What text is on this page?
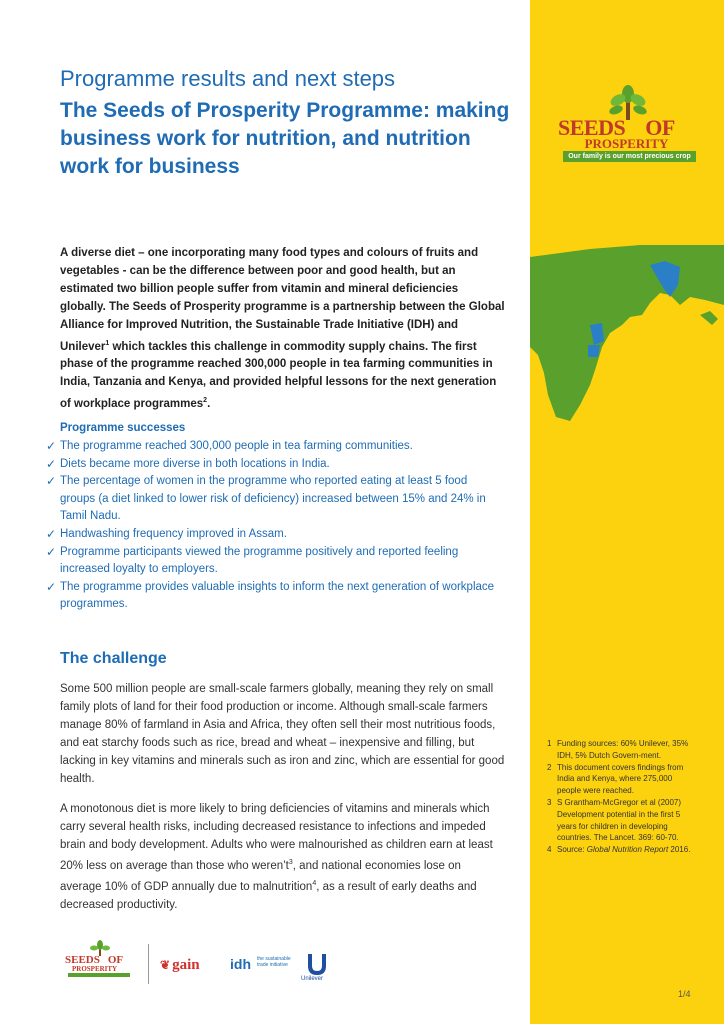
Programme results and next steps
The Seeds of Prosperity Programme: making business work for nutrition, and nutrition work for business

A diverse diet – one incorporating many food types and colours of fruits and vegetables - can be the difference between poor and good health, but an estimated two billion people suffer from vitamin and mineral deficiencies globally. The Seeds of Prosperity programme is a partnership between the Global Alliance for Improved Nutrition, the Sustainable Trade Initiative (IDH) and Unilever$^1$ which tackles this challenge in commodity supply chains. The first phase of the programme reached 300,000 people in tea farming communities in India, Tanzania and Kenya, and provided helpful lessons for the next generation of workplace programmes$^2$.

Programme successes
✓ The programme reached 300,000 people in tea farming communities.
✓ Diets became more diverse in both locations in India.
✓ The percentage of women in the programme who reported eating at least 5 food groups (a diet linked to lower risk of deficiency) increased between 15% and 24% in Tamil Nadu.
✓ Handwashing frequency improved in Assam.
✓ Programme participants viewed the programme positively and reported feeling increased loyalty to employers.
✓ The programme provides valuable insights to inform the next generation of workplace programmes.
The challenge

Some 500 million people are small-scale farmers globally, meaning they rely on small family plots of land for their food production or income. Although small-scale farmers manage 80% of farmland in Asia and Africa, they often sell their most nutritious foods, and eat starchy foods such as rice, bread and wheat – inexpensive and filling, but lacking in key vitamins and minerals such as iron and zinc, which are essential for good health.

A monotonous diet is more likely to bring deficiencies of vitamins and minerals which carry several health risks, including decreased resistance to infections and impeded brain and body development. Adults who were malnourished as children earn at least 20% less on average than those who $weren’t^3$, and national economies lose on average 10% of GDP annually due to malnutrition$^4$, as a result of early deaths and decreased productivity.

SEEDS OF
PROSPERITY
Our family is our most precious crop
1 Funding sources: 60% Unilever, 35% IDH, 5% Dutch Govern-ment.
2 This document covers findings from India and Kenya, where 275,000 people were reached.
3 S Grantham-McGregor et al (2007) Development potential in the first 5 years for children in developing countries. The Lancet. 369: 60-70.
4 Source: Global Nutrition Report 2016.
SEEDS OF
PROSPERITY	❦ gain idh the sustainable trade initiative
Unilever
1/4
